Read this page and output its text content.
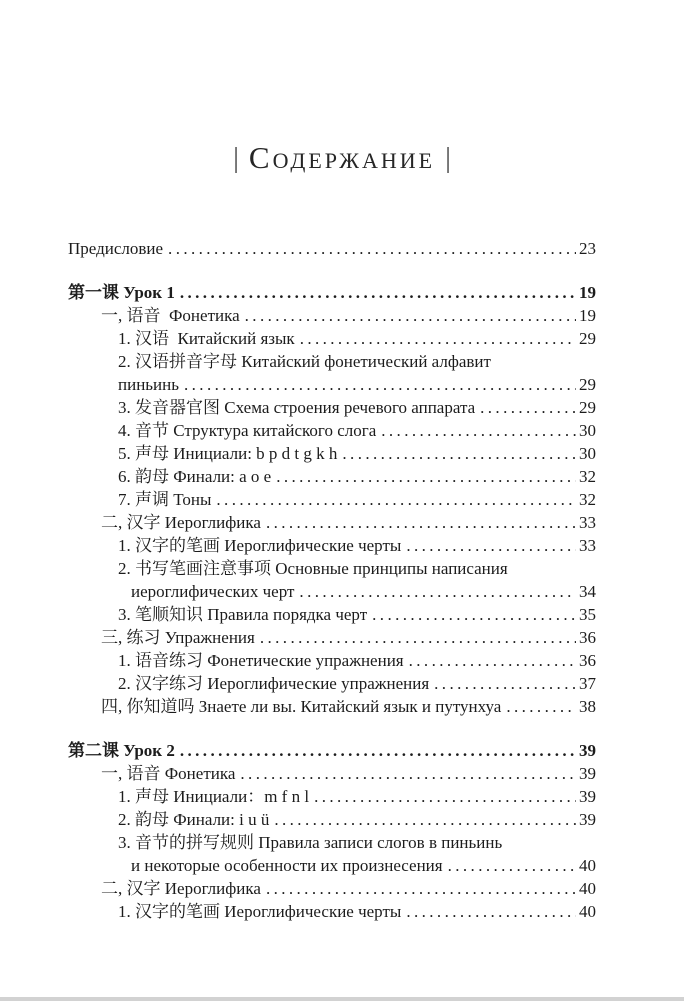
| Содержание |
Предисловие .....	23
第一课 Урок 1 .....	19
一, 语音  Фонетика .....	19
1. 汉语  Китайский язык .....	29
2. 汉语拼音字母 Китайский фонетический алфавит
пиньинь .....	29
3. 发音器官图 Схема строения речевого аппарата .....	29
4. 音节 Структура китайского слога .....	30
5. 声母 Инициали: b p d t g k h .....	30
6. 韵母 Финали: a o e .....	32
7. 声调 Тоны .....	32
二, 汉字 Иероглифика .....	33
1. 汉字的笔画 Иероглифические черты .....	33
2. 书写笔画注意事项 Основные принципы написания
иероглифических черт .....	34
3. 笔顺知识 Правила порядка черт .....	35
三, 练习 Упражнения .....	36
1. 语音练习 Фонетические упражнения .....	36
2. 汉字练习 Иероглифические упражнения .....	37
四, 你知道吗 Знаете ли вы. Китайский язык и путунхуа .....	38
第二课 Урок 2 .....	39
一, 语音 Фонетика .....	39
1. 声母 Инициали：m f n l .....	39
2. 韵母 Финали: i u ü .....	39
3. 音节的拼写规则 Правила записи слогов в пиньинь
и некоторые особенности их произнесения .....	40
二, 汉字 Иероглифика .....	40
1. 汉字的笔画 Иероглифические черты .....	40
